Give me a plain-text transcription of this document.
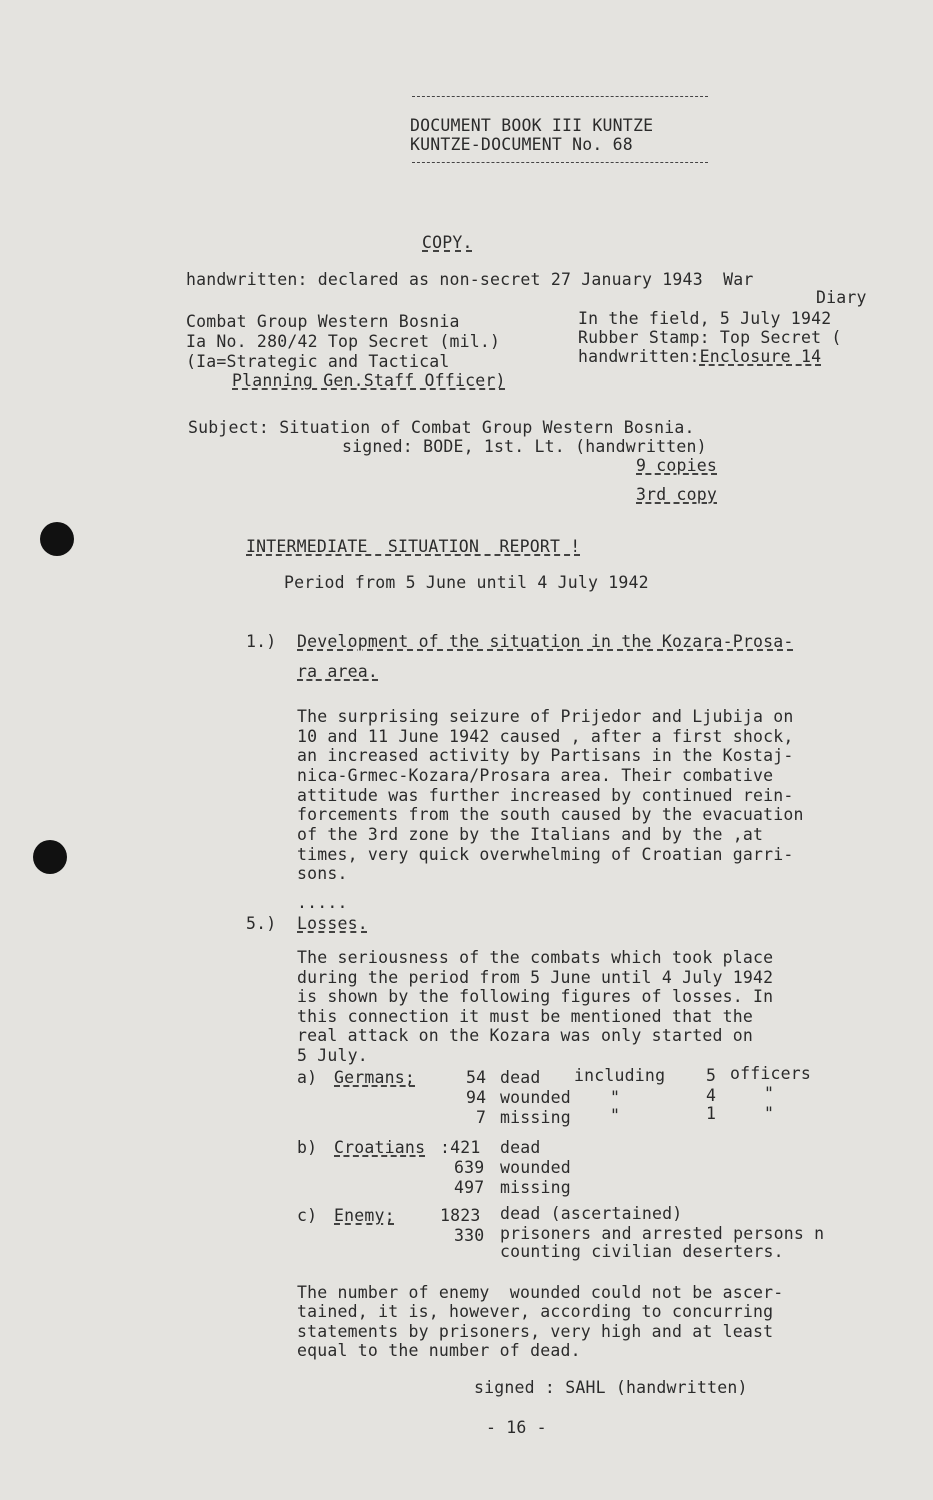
DOCUMENT BOOK III KUNTZE
KUNTZE-DOCUMENT No. 68
COPY.
handwritten: declared as non-secret 27 January 1943  War
Diary
Combat Group Western Bosnia
Ia No. 280/42 Top Secret (mil.)
(Ia=Strategic and Tactical
Planning Gen.Staff Officer)
In the field, 5 July 1942
Rubber Stamp: Top Secret (
handwritten:Enclosure 14
Subject: Situation of Combat Group Western Bosnia.
signed: BODE, 1st. Lt. (handwritten)
9 copies
3rd copy
INTERMEDIATE  SITUATION  REPORT !
Period from 5 June until 4 July 1942
1.) Development of the situation in the Kozara-Prosa-
ra area.
The surprising seizure of Prijedor and Ljubija on
10 and 11 June 1942 caused , after a first shock,
an increased activity by Partisans in the Kostaj-
nica-Grmec-Kozara/Prosara area. Their combative
attitude was further increased by continued rein-
forcements from the south caused by the evacuation
of the 3rd zone by the Italians and by the ,at
times, very quick overwhelming of Croatian garri-
sons.
.....
5.) Losses.
The seriousness of the combats which took place
during the period from 5 June until 4 July 1942
is shown by the following figures of losses. In
this connection it must be mentioned that the
real attack on the Kozara was only started on
5 July.
a) Germans;	54 dead including 5 officers
94 wounded "	4	"
7 missing "	1	"
b) Croatians :421 dead
639 wounded
497 missing
c) Enemy;	1823 dead (ascertained)
330 prisoners and arrested persons n
counting civilian deserters.
The number of enemy  wounded could not be ascer-
tained, it is, however, according to concurring
statements by prisoners, very high and at least
equal to the number of dead.
signed : SAHL (handwritten)
- 16 -
